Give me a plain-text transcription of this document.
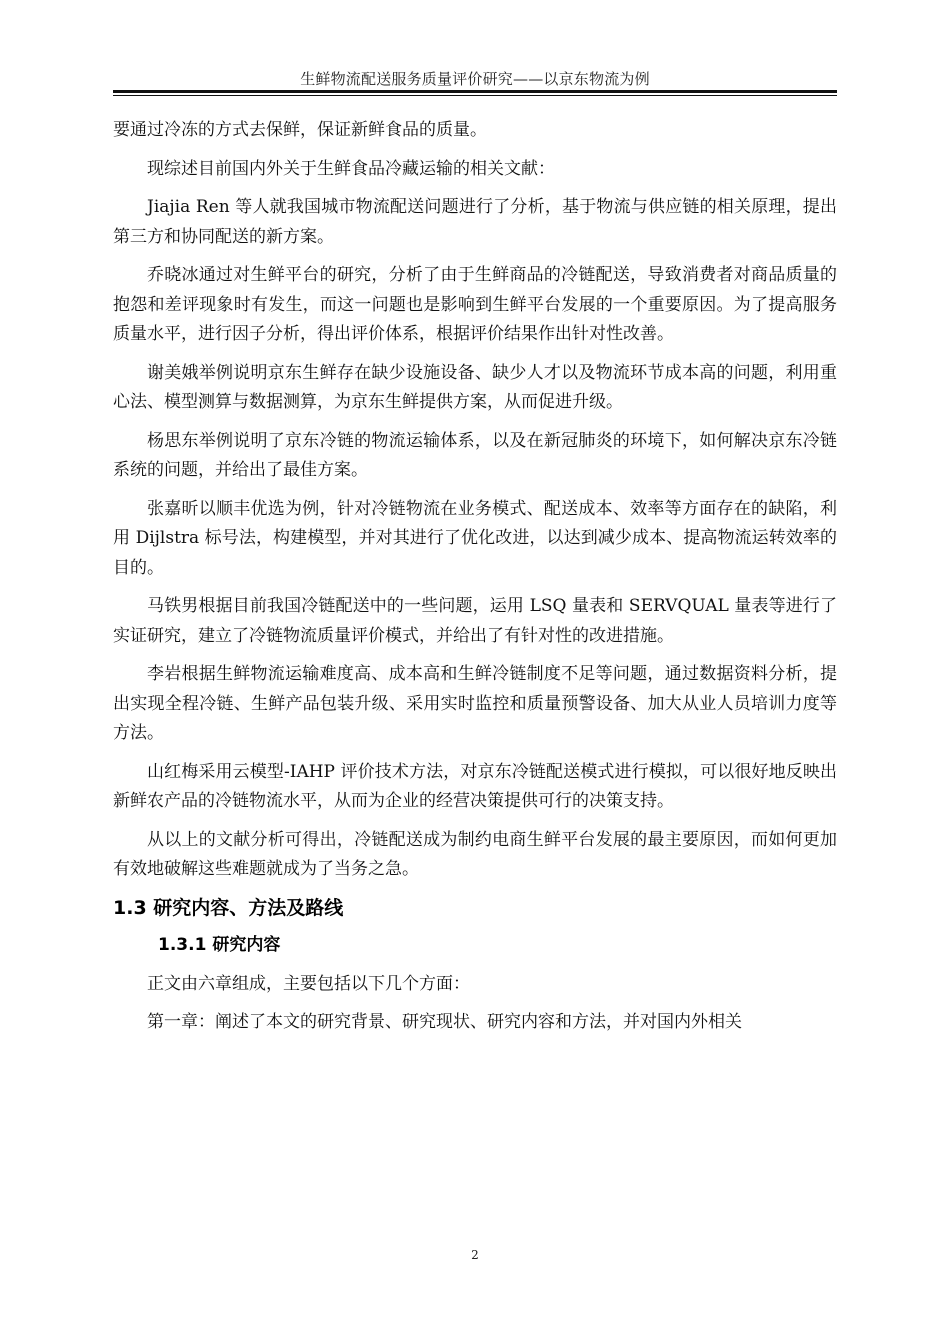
生鲜物流配送服务质量评价研究——以京东物流为例

要通过冷冻的方式去保鲜，保证新鲜食品的质量。

现综述目前国内外关于生鲜食品冷藏运输的相关文献：

Jiajia Ren 等人就我国城市物流配送问题进行了分析，基于物流与供应链的相关原理，提出第三方和协同配送的新方案。

乔晓冰通过对生鲜平台的研究，分析了由于生鲜商品的冷链配送，导致消费者对商品质量的抱怨和差评现象时有发生，而这一问题也是影响到生鲜平台发展的一个重要原因。为了提高服务质量水平，进行因子分析，得出评价体系，根据评价结果作出针对性改善。

谢美娥举例说明京东生鲜存在缺少设施设备、缺少人才以及物流环节成本高的问题，利用重心法、模型测算与数据测算，为京东生鲜提供方案，从而促进升级。

杨思东举例说明了京东冷链的物流运输体系，以及在新冠肺炎的环境下，如何解决京东冷链系统的问题，并给出了最佳方案。

张嘉昕以顺丰优选为例，针对冷链物流在业务模式、配送成本、效率等方面存在的缺陷，利用 Dijlstra 标号法，构建模型，并对其进行了优化改进，以达到减少成本、提高物流运转效率的目的。

马铁男根据目前我国冷链配送中的一些问题，运用 LSQ 量表和 SERVQUAL 量表等进行了实证研究，建立了冷链物流质量评价模式，并给出了有针对性的改进措施。

李岩根据生鲜物流运输难度高、成本高和生鲜冷链制度不足等问题，通过数据资料分析，提出实现全程冷链、生鲜产品包装升级、采用实时监控和质量预警设备、加大从业人员培训力度等方法。

山红梅采用云模型-IAHP 评价技术方法，对京东冷链配送模式进行模拟，可以很好地反映出新鲜农产品的冷链物流水平，从而为企业的经营决策提供可行的决策支持。

从以上的文献分析可得出，冷链配送成为制约电商生鲜平台发展的最主要原因，而如何更加有效地破解这些难题就成为了当务之急。

1.3 研究内容、方法及路线
1.3.1 研究内容

正文由六章组成，主要包括以下几个方面：

第一章：阐述了本文的研究背景、研究现状、研究内容和方法，并对国内外相关

2
